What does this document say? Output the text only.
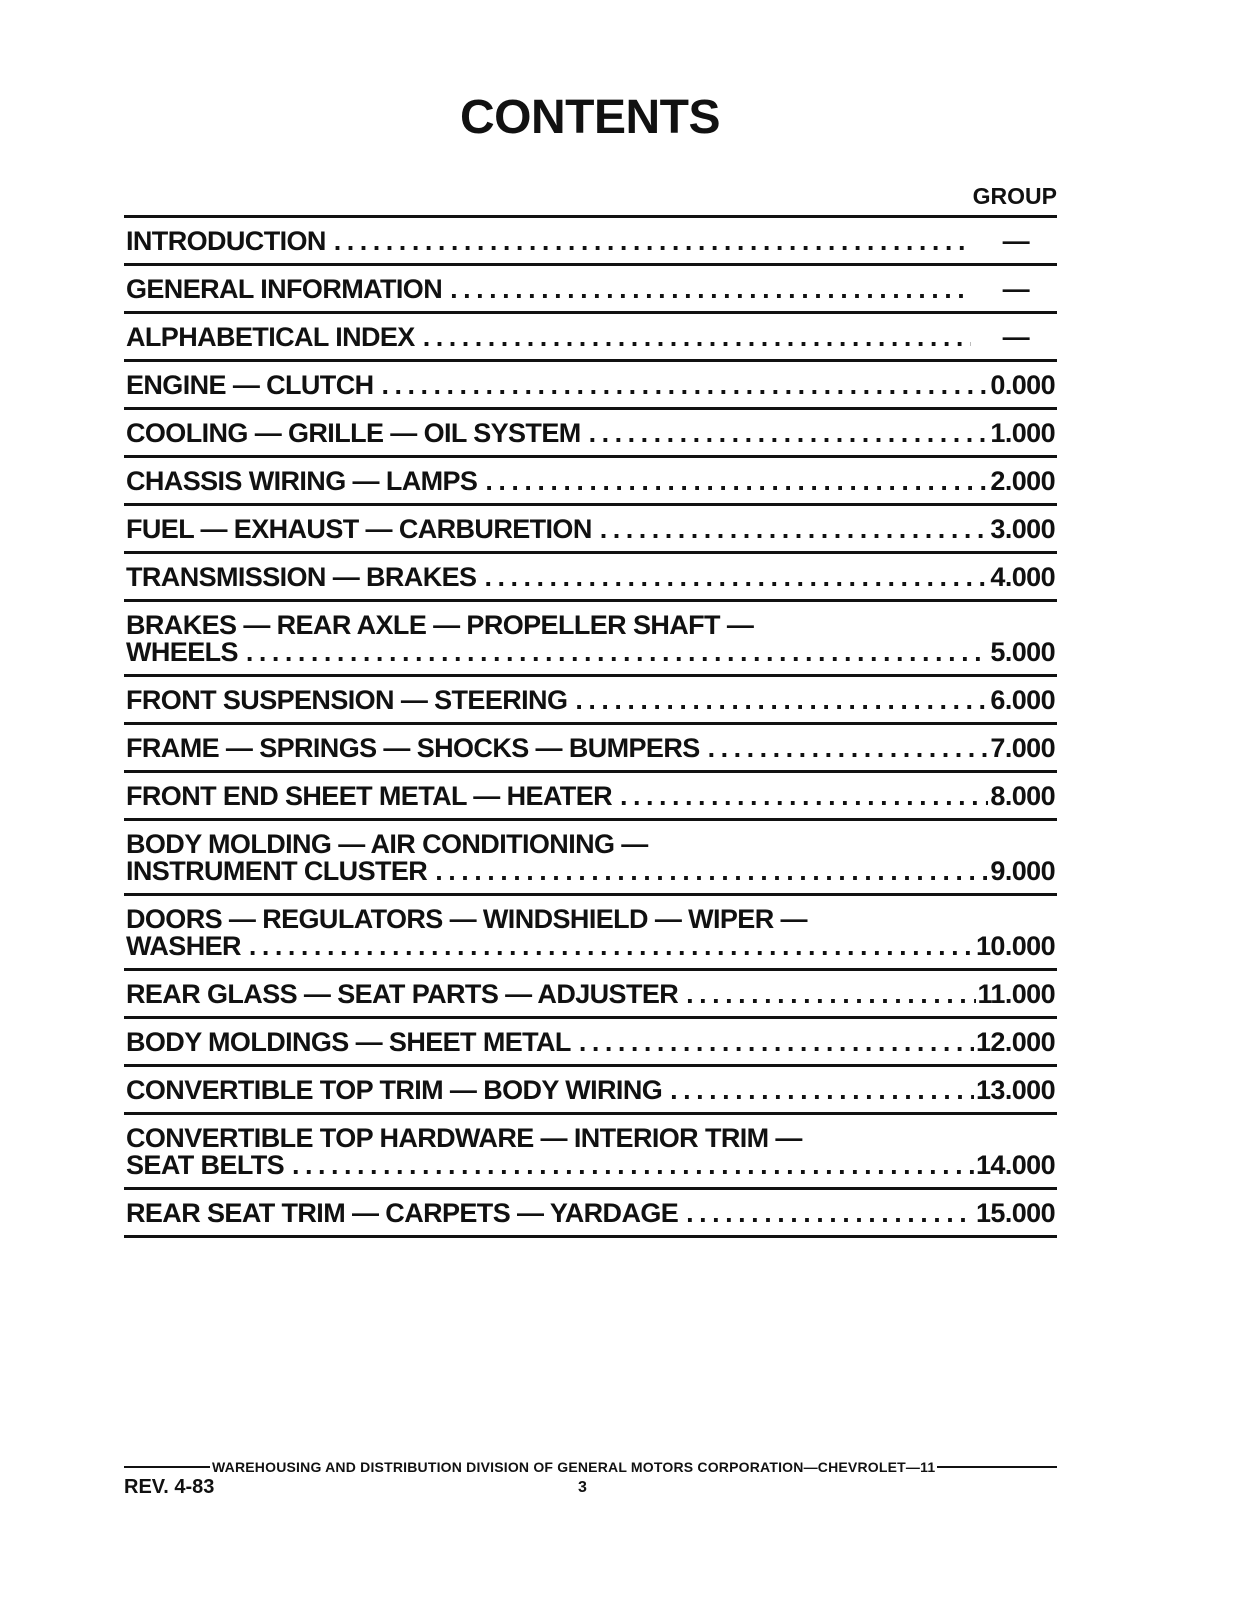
CONTENTS
GROUP
INTRODUCTION . . .	—
GENERAL INFORMATION . . .	—
ALPHABETICAL INDEX . . .	—
ENGINE — CLUTCH . . .	0.000
COOLING — GRILLE — OIL SYSTEM . . .	1.000
CHASSIS WIRING — LAMPS . . .	2.000
FUEL — EXHAUST — CARBURETION . . .	3.000
TRANSMISSION — BRAKES . . .	4.000
BRAKES — REAR AXLE — PROPELLER SHAFT —
WHEELS . . .	5.000
FRONT SUSPENSION — STEERING . . .	6.000
FRAME — SPRINGS — SHOCKS — BUMPERS . . .	7.000
FRONT END SHEET METAL — HEATER . . .	8.000
BODY MOLDING — AIR CONDITIONING —
INSTRUMENT CLUSTER . . .	9.000
DOORS — REGULATORS — WINDSHIELD — WIPER —
WASHER . . .	10.000
REAR GLASS — SEAT PARTS — ADJUSTER . . .	11.000
BODY MOLDINGS — SHEET METAL . . .	12.000
CONVERTIBLE TOP TRIM — BODY WIRING . . .	13.000
CONVERTIBLE TOP HARDWARE — INTERIOR TRIM —
SEAT BELTS . . .	14.000
REAR SEAT TRIM — CARPETS — YARDAGE . . .	15.000
WAREHOUSING AND DISTRIBUTION DIVISION OF GENERAL MOTORS CORPORATION—CHEVROLET—11
REV. 4-83	3
